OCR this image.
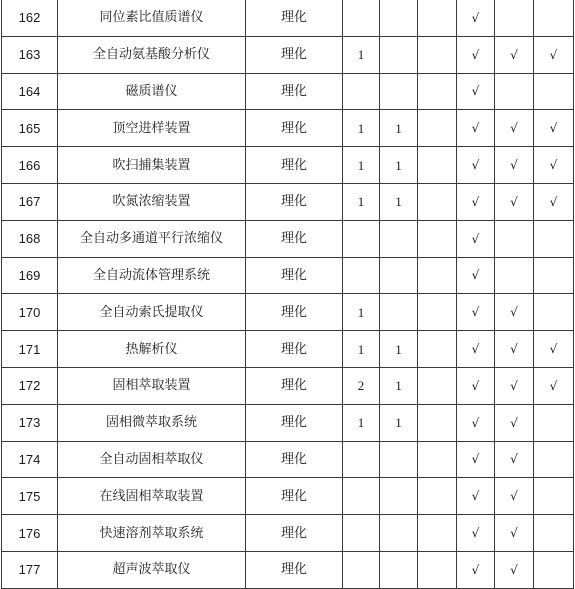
162	同位素比值质谱仪	理化				√		
163	全自动氨基酸分析仪	理化	1			√	√	√
164	磁质谱仪	理化				√		
165	顶空进样装置	理化	1	1		√	√	√
166	吹扫捕集装置	理化	1	1		√	√	√
167	吹氮浓缩装置	理化	1	1		√	√	√
168	全自动多通道平行浓缩仪	理化				√		
169	全自动流体管理系统	理化				√		
170	全自动索氏提取仪	理化	1			√	√	
171	热解析仪	理化	1	1		√	√	√
172	固相萃取装置	理化	2	1		√	√	√
173	固相微萃取系统	理化	1	1		√	√	
174	全自动固相萃取仪	理化				√	√	
175	在线固相萃取装置	理化				√	√	
176	快速溶剂萃取系统	理化				√	√	
177	超声波萃取仪	理化				√	√	
